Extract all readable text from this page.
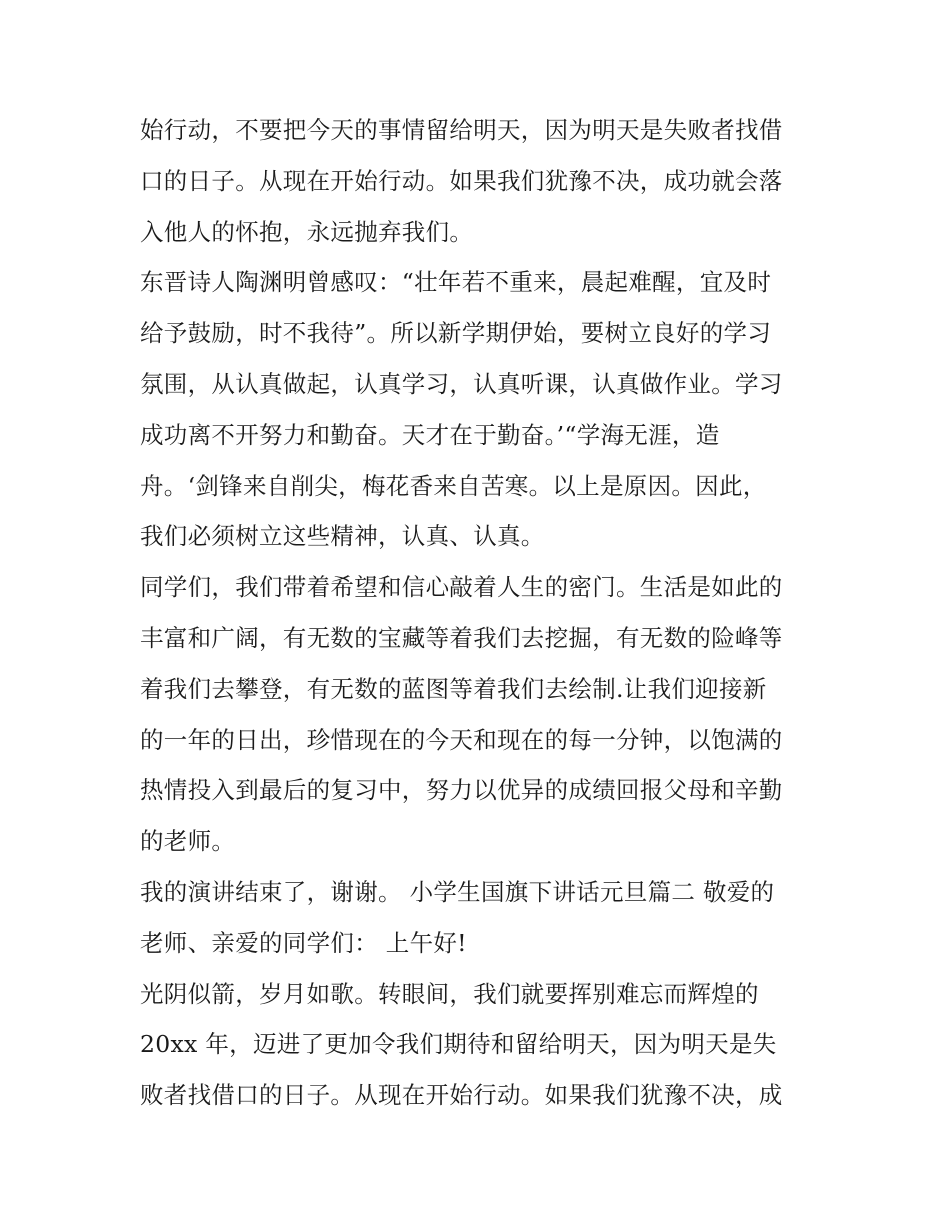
始行动，不要把今天的事情留给明天，因为明天是失败者找借
口的日子。从现在开始行动。如果我们犹豫不决，成功就会落
入他人的怀抱，永远抛弃我们。
东晋诗人陶渊明曾感叹：“壮年若不重来，晨起难醒，宜及时
给予鼓励，时不我待”。所以新学期伊始，要树立良好的学习
氛围，从认真做起，认真学习，认真听课，认真做作业。学习
成功离不开努力和勤奋。天才在于勤奋。’“学海无涯，造
舟。‘剑锋来自削尖，梅花香来自苦寒。以上是原因。因此，
我们必须树立这些精神，认真、认真。
同学们，我们带着希望和信心敲着人生的密门。生活是如此的
丰富和广阔，有无数的宝藏等着我们去挖掘，有无数的险峰等
着我们去攀登，有无数的蓝图等着我们去绘制.让我们迎接新
的一年的日出，珍惜现在的今天和现在的每一分钟，以饱满的
热情投入到最后的复习中，努力以优异的成绩回报父母和辛勤
的老师。
我的演讲结束了，谢谢。 小学生国旗下讲话元旦篇二 敬爱的
老师、亲爱的同学们： 上午好!
光阴似箭，岁月如歌。转眼间，我们就要挥别难忘而辉煌的
20xx 年，迈进了更加令我们期待和留给明天，因为明天是失
败者找借口的日子。从现在开始行动。如果我们犹豫不决，成
